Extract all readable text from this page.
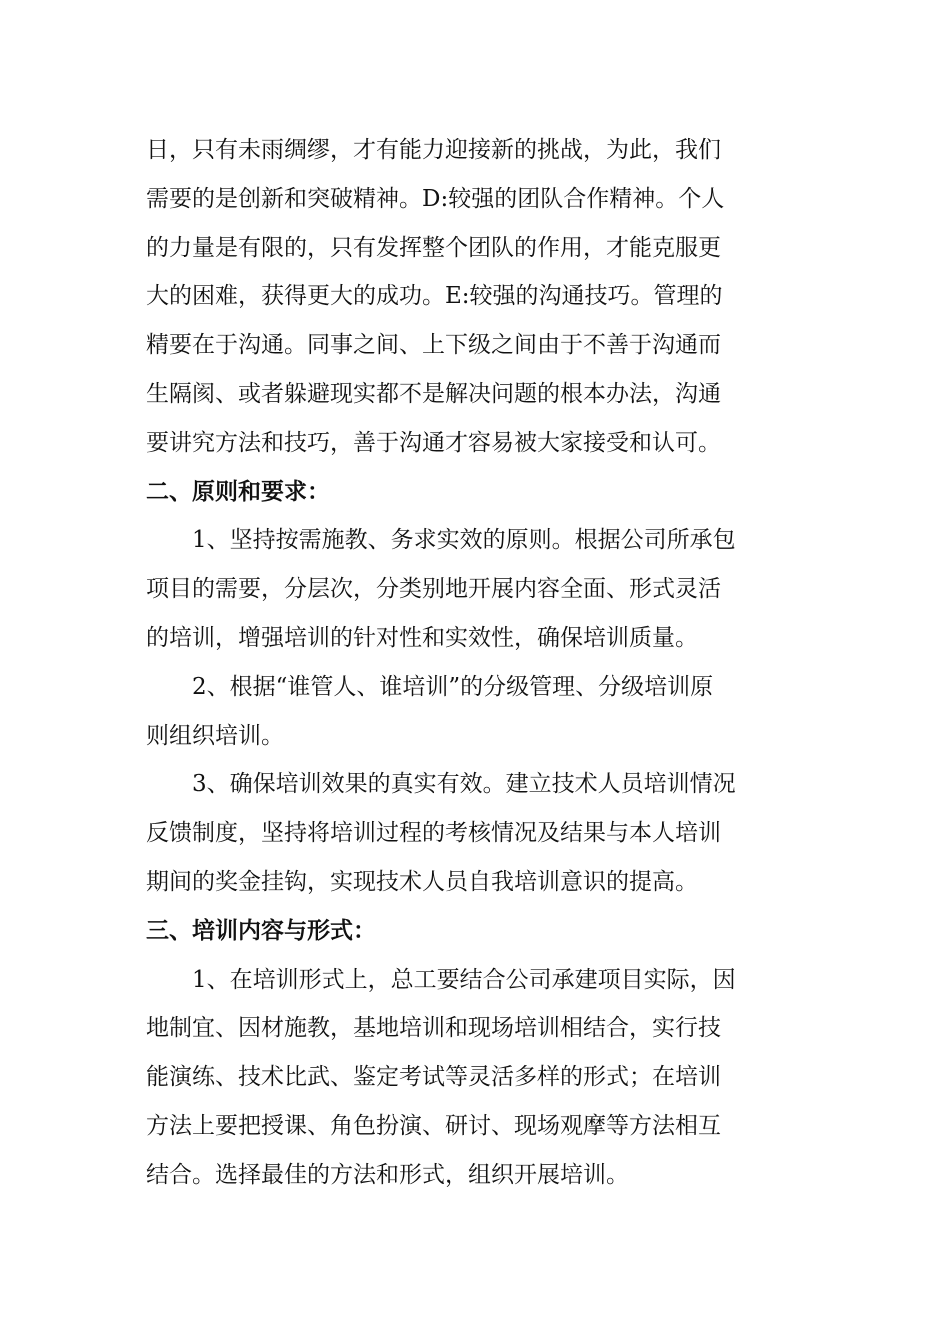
日，只有未雨绸缪，才有能力迎接新的挑战，为此，我们
需要的是创新和突破精神。D:较强的团队合作精神。个人
的力量是有限的，只有发挥整个团队的作用，才能克服更
大的困难，获得更大的成功。E:较强的沟通技巧。管理的
精要在于沟通。同事之间、上下级之间由于不善于沟通而
生隔阂、或者躲避现实都不是解决问题的根本办法，沟通
要讲究方法和技巧，善于沟通才容易被大家接受和认可。
二、原则和要求：
1、坚持按需施教、务求实效的原则。根据公司所承包
项目的需要，分层次，分类别地开展内容全面、形式灵活
的培训，增强培训的针对性和实效性，确保培训质量。
2、根据“谁管人、谁培训”的分级管理、分级培训原
则组织培训。
3、确保培训效果的真实有效。建立技术人员培训情况
反馈制度，坚持将培训过程的考核情况及结果与本人培训
期间的奖金挂钩，实现技术人员自我培训意识的提高。
三、培训内容与形式：
1、在培训形式上，总工要结合公司承建项目实际，因
地制宜、因材施教，基地培训和现场培训相结合，实行技
能演练、技术比武、鉴定考试等灵活多样的形式；在培训
方法上要把授课、角色扮演、研讨、现场观摩等方法相互
结合。选择最佳的方法和形式，组织开展培训。
